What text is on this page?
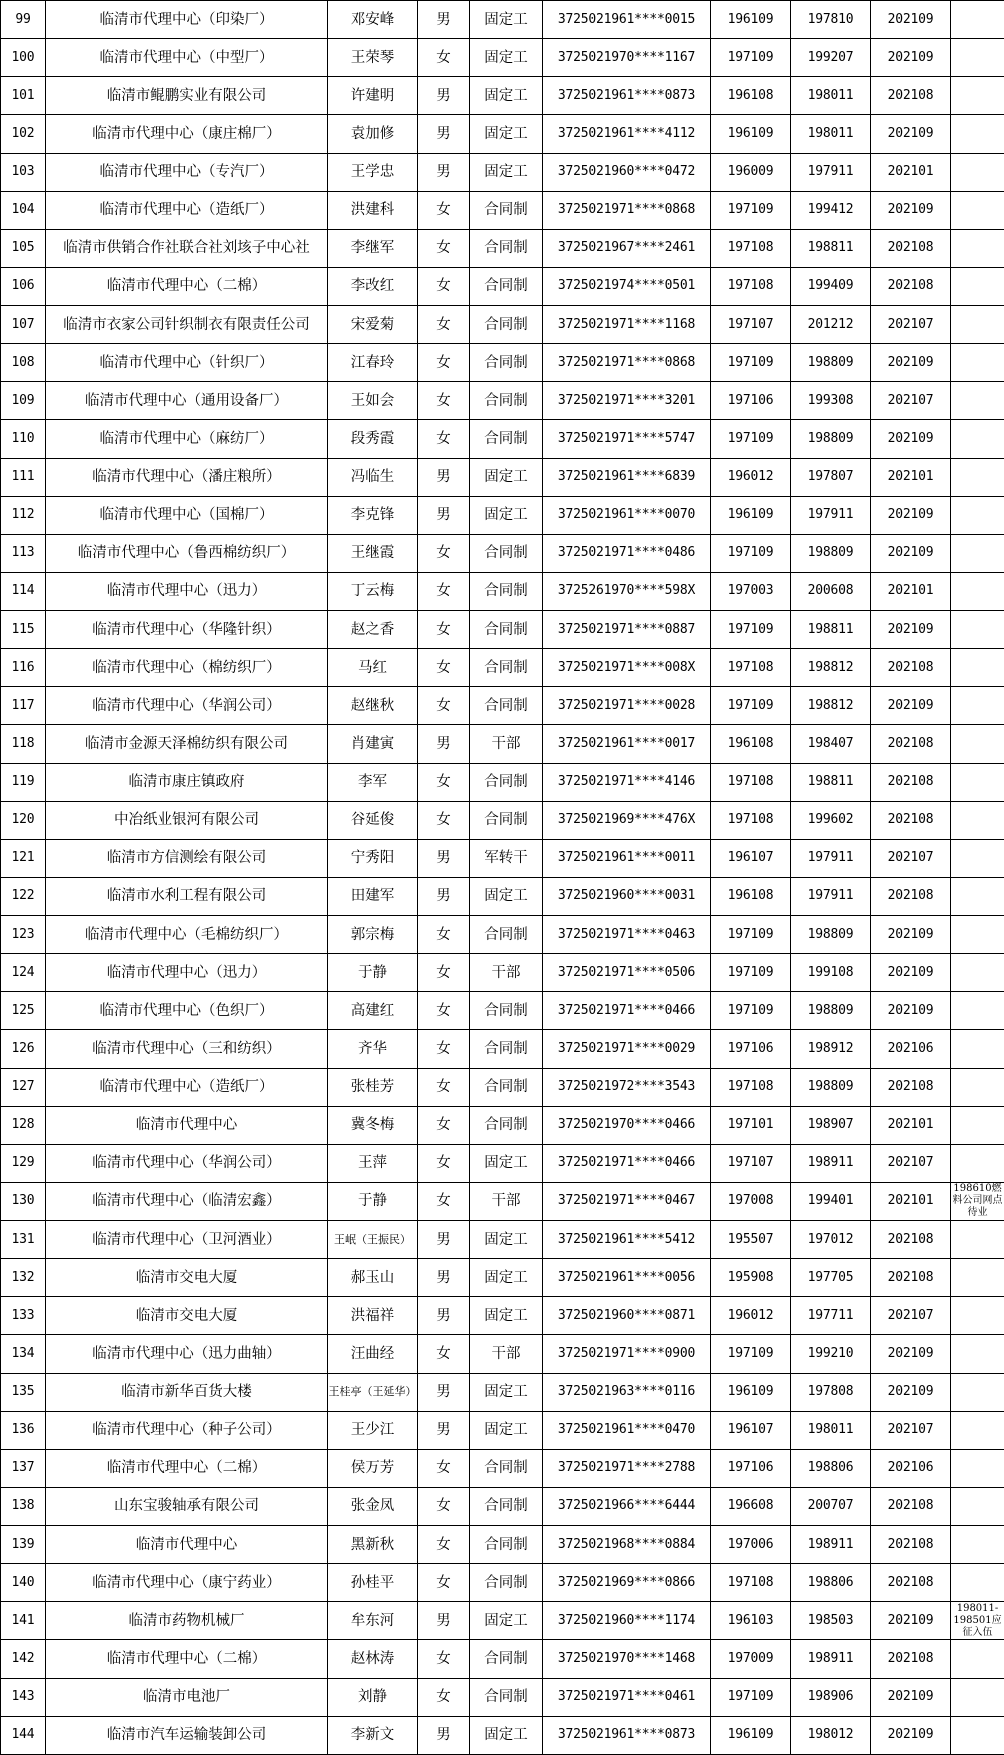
99	临清市代理中心（印染厂）	邓安峰	男	固定工	3725021961****0015	196109	197810	202109	
100	临清市代理中心（中型厂）	王荣琴	女	固定工	3725021970****1167	197109	199207	202109	
101	临清市鲲鹏实业有限公司	许建明	男	固定工	3725021961****0873	196108	198011	202108	
102	临清市代理中心（康庄棉厂）	袁加修	男	固定工	3725021961****4112	196109	198011	202109	
103	临清市代理中心（专汽厂）	王学忠	男	固定工	3725021960****0472	196009	197911	202101	
104	临清市代理中心（造纸厂）	洪建科	女	合同制	3725021971****0868	197109	199412	202109	
105	临清市供销合作社联合社刘垓子中心社	李继军	女	合同制	3725021967****2461	197108	198811	202108	
106	临清市代理中心（二棉）	李改红	女	合同制	3725021974****0501	197108	199409	202108	
107	临清市衣家公司针织制衣有限责任公司	宋爱菊	女	合同制	3725021971****1168	197107	201212	202107	
108	临清市代理中心（针织厂）	江春玲	女	合同制	3725021971****0868	197109	198809	202109	
109	临清市代理中心（通用设备厂）	王如会	女	合同制	3725021971****3201	197106	199308	202107	
110	临清市代理中心（麻纺厂）	段秀霞	女	合同制	3725021971****5747	197109	198809	202109	
111	临清市代理中心（潘庄粮所）	冯临生	男	固定工	3725021961****6839	196012	197807	202101	
112	临清市代理中心（国棉厂）	李克锋	男	固定工	3725021961****0070	196109	197911	202109	
113	临清市代理中心（鲁西棉纺织厂）	王继霞	女	合同制	3725021971****0486	197109	198809	202109	
114	临清市代理中心（迅力）	丁云梅	女	合同制	3725261970****598X	197003	200608	202101	
115	临清市代理中心（华隆针织）	赵之香	女	合同制	3725021971****0887	197109	198811	202109	
116	临清市代理中心（棉纺织厂）	马红	女	合同制	3725021971****008X	197108	198812	202108	
117	临清市代理中心（华润公司）	赵继秋	女	合同制	3725021971****0028	197109	198812	202109	
118	临清市金源天泽棉纺织有限公司	肖建寅	男	干部	3725021961****0017	196108	198407	202108	
119	临清市康庄镇政府	李军	女	合同制	3725021971****4146	197108	198811	202108	
120	中冶纸业银河有限公司	谷延俊	女	合同制	3725021969****476X	197108	199602	202108	
121	临清市方信测绘有限公司	宁秀阳	男	军转干	3725021961****0011	196107	197911	202107	
122	临清市水利工程有限公司	田建军	男	固定工	3725021960****0031	196108	197911	202108	
123	临清市代理中心（毛棉纺织厂）	郭宗梅	女	合同制	3725021971****0463	197109	198809	202109	
124	临清市代理中心（迅力）	于静	女	干部	3725021971****0506	197109	199108	202109	
125	临清市代理中心（色织厂）	高建红	女	合同制	3725021971****0466	197109	198809	202109	
126	临清市代理中心（三和纺织）	齐华	女	合同制	3725021971****0029	197106	198912	202106	
127	临清市代理中心（造纸厂）	张桂芳	女	合同制	3725021972****3543	197108	198809	202108	
128	临清市代理中心	冀冬梅	女	合同制	3725021970****0466	197101	198907	202101	
129	临清市代理中心（华润公司）	王萍	女	固定工	3725021971****0466	197107	198911	202107	
130	临清市代理中心（临清宏鑫）	于静	女	干部	3725021971****0467	197008	199401	202101	198610燃料公司网点待业
131	临清市代理中心（卫河酒业）	王岷（王振民）	男	固定工	3725021961****5412	195507	197012	202108	
132	临清市交电大厦	郝玉山	男	固定工	3725021961****0056	195908	197705	202108	
133	临清市交电大厦	洪福祥	男	固定工	3725021960****0871	196012	197711	202107	
134	临清市代理中心（迅力曲轴）	汪曲经	女	干部	3725021971****0900	197109	199210	202109	
135	临清市新华百货大楼	王桂亭（王延华）	男	固定工	3725021963****0116	196109	197808	202109	
136	临清市代理中心（种子公司）	王少江	男	固定工	3725021961****0470	196107	198011	202107	
137	临清市代理中心（二棉）	侯万芳	女	合同制	3725021971****2788	197106	198806	202106	
138	山东宝骏轴承有限公司	张金凤	女	合同制	3725021966****6444	196608	200707	202108	
139	临清市代理中心	黑新秋	女	合同制	3725021968****0884	197006	198911	202108	
140	临清市代理中心（康宁药业）	孙桂平	女	合同制	3725021969****0866	197108	198806	202108	
141	临清市药物机械厂	牟东河	男	固定工	3725021960****1174	196103	198503	202109	198011-198501应征入伍
142	临清市代理中心（二棉）	赵林涛	女	合同制	3725021970****1468	197009	198911	202108	
143	临清市电池厂	刘静	女	合同制	3725021971****0461	197109	198906	202109	
144	临清市汽车运输装卸公司	李新文	男	固定工	3725021961****0873	196109	198012	202109	
